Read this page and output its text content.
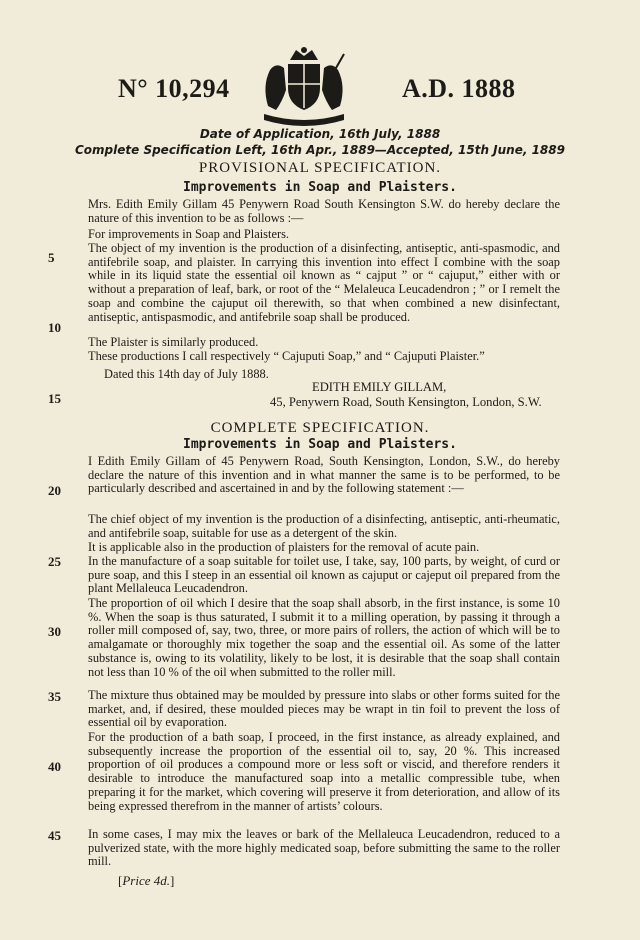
N° 10,294	A.D. 1888
Date of Application, 16th July, 1888
Complete Specification Left, 16th Apr., 1889—Accepted, 15th June, 1889
PROVISIONAL SPECIFICATION.
Improvements in Soap and Plaisters.
Mrs. Edith Emily Gillam 45 Penywern Road South Kensington S.W. do hereby declare the nature of this invention to be as follows :—
For improvements in Soap and Plaisters.
The object of my invention is the production of a disinfecting, antiseptic, anti-spasmodic, and antifebrile soap, and plaister. In carrying this invention into effect I combine with the soap while in its liquid state the essential oil known as “ cajput ” or “ cajuput,” either with or without a preparation of leaf, bark, or root of the “ Melaleuca Leucadendron ; ” or I remelt the soap and combine the cajuput oil therewith, so that when combined a new disinfectant, antiseptic, antispasmodic, and antifebrile soap shall be produced.
The Plaister is similarly produced.
These productions I call respectively “ Cajuputi Soap,” and “ Cajuputi Plaister.”
Dated this 14th day of July 1888.
EDITH EMILY GILLAM,
45, Penywern Road, South Kensington, London, S.W.
COMPLETE SPECIFICATION.
Improvements in Soap and Plaisters.
I Edith Emily Gillam of 45 Penywern Road, South Kensington, London, S.W., do hereby declare the nature of this invention and in what manner the same is to be performed, to be particularly described and ascertained in and by the following statement :—
The chief object of my invention is the production of a disinfecting, antiseptic, anti-rheumatic, and antifebrile soap, suitable for use as a detergent of the skin.
It is applicable also in the production of plaisters for the removal of acute pain.
In the manufacture of a soap suitable for toilet use, I take, say, 100 parts, by weight, of curd or pure soap, and this I steep in an essential oil known as cajuput or cajeput oil prepared from the plant Mellaleuca Leucadendron.
The proportion of oil which I desire that the soap shall absorb, in the first instance, is some 10 %. When the soap is thus saturated, I submit it to a milling operation, by passing it through a roller mill composed of, say, two, three, or more pairs of rollers, the action of which will be to amalgamate or thoroughly mix together the soap and the essential oil. As some of the latter substance is, owing to its volatility, likely to be lost, it is desirable that the soap shall contain not less than 10 % of the oil when submitted to the roller mill.
The mixture thus obtained may be moulded by pressure into slabs or other forms suited for the market, and, if desired, these moulded pieces may be wrapt in tin foil to prevent the loss of essential oil by evaporation.
For the production of a bath soap, I proceed, in the first instance, as already explained, and subsequently increase the proportion of the essential oil to, say, 20 %. This increased proportion of oil produces a compound more or less soft or viscid, and therefore renders it desirable to introduce the manufactured soap into a metallic compressible tube, when preparing it for the market, which covering will preserve it from deterioration, and allow of its being expressed therefrom in the manner of artists’ colours.
In some cases, I may mix the leaves or bark of the Mellaleuca Leucadendron, reduced to a pulverized state, with the more highly medicated soap, before submitting the same to the roller mill.
5
10
15
20
25
30
35
40
45
[Price 4d.]
